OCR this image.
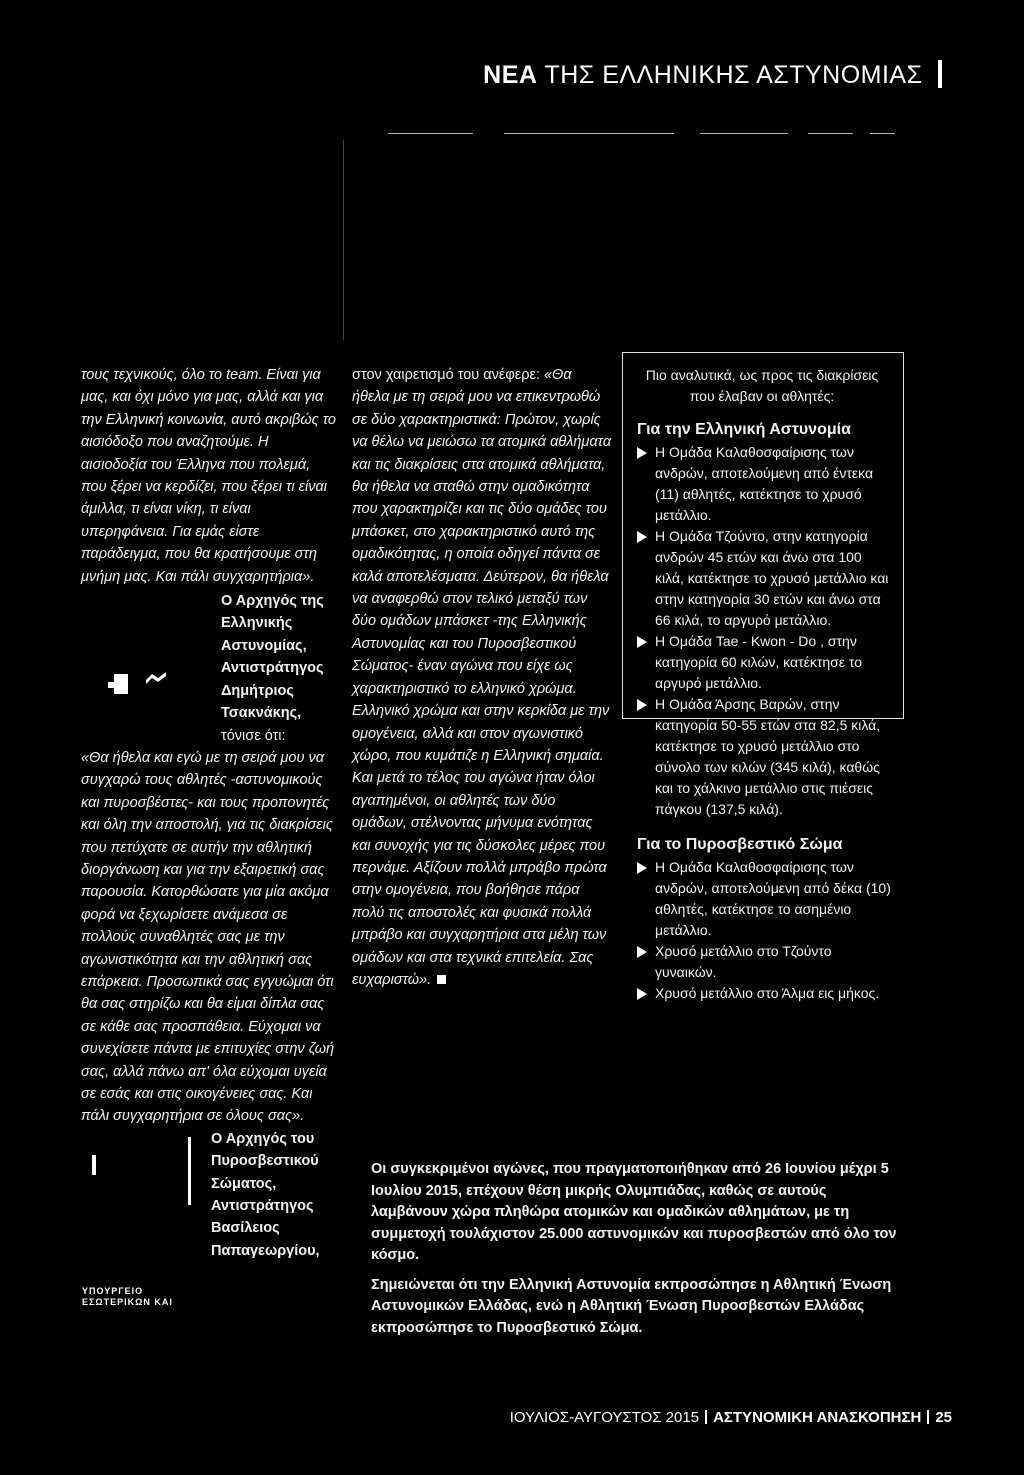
ΝΕΑ ΤΗΣ ΕΛΛΗΝΙΚΗΣ ΑΣΤΥΝΟΜΙΑΣ

τους τεχνικούς, όλο το team. Είναι για μας, και όχι μόνο για μας, αλλά και για την Ελληνική κοινωνία, αυτό ακριβώς το αισιόδοξο που αναζητούμε. Η αισιοδοξία του Έλληνα που πολεμά, που ξέρει να κερδίζει, που ξέρει τι είναι άμιλλα, τι είναι νίκη, τι είναι υπερηφάνεια. Για εμάς είστε παράδειγμα, που θα κρατήσουμε στη μνήμη μας. Και πάλι συγχαρητήρια».

Ο Αρχηγός της Ελληνικής Αστυνομίας, Αντιστράτηγος Δημήτριος Τσακνάκης, τόνισε ότι:

«Θα ήθελα και εγώ με τη σειρά μου να συγχαρώ τους αθλητές -αστυνομικούς και πυροσβέστες- και τους προπονητές και όλη την αποστολή, για τις διακρίσεις που πετύχατε σε αυτήν την αθλητική διοργάνωση και για την εξαιρετική σας παρουσία. Κατορθώσατε για μία ακόμα φορά να ξεχωρίσετε ανάμεσα σε πολλούς συναθλητές σας με την αγωνιστικότητα και την αθλητική σας επάρκεια. Προσωπικά σας εγγυώμαι ότι θα σας στηρίζω και θα είμαι δίπλα σας σε κάθε σας προσπάθεια. Εύχομαι να συνεχίσετε πάντα με επιτυχίες στην ζωή σας, αλλά πάνω απ' όλα εύχομαι υγεία σε εσάς και στις οικογένειες σας. Και πάλι συγχαρητήρια σε όλους σας».

Ο Αρχηγός του Πυροσβεστικού Σώματος, Αντιστράτηγος Βασίλειος Παπαγεωργίου,

ΥΠΟΥΡΓΕΙΟ
ΕΣΩΤΕΡΙΚΩΝ ΚΑΙ

στον χαιρετισμό του ανέφερε: «Θα ήθελα με τη σειρά μου να επικεντρωθώ σε δύο χαρακτηριστικά: Πρώτον, χωρίς να θέλω να μειώσω τα ατομικά αθλήματα και τις διακρίσεις στα ατομικά αθλήματα, θα ήθελα να σταθώ στην ομαδικότητα που χαρακτηρίζει και τις δύο ομάδες του μπάσκετ, στο χαρακτηριστικό αυτό της ομαδικότητας, η οποία οδηγεί πάντα σε καλά αποτελέσματα. Δεύτερον, θα ήθελα να αναφερθώ στον τελικό μεταξύ των δύο ομάδων μπάσκετ -της Ελληνικής Αστυνομίας και του Πυροσβεστικού Σώματος- έναν αγώνα που είχε ως χαρακτηριστικό το ελληνικό χρώμα. Ελληνικό χρώμα και στην κερκίδα με την ομογένεια, αλλά και στον αγωνιστικό χώρο, που κυμάτιζε η Ελληνική σημαία. Και μετά το τέλος του αγώνα ήταν όλοι αγαπημένοι, οι αθλητές των δύο ομάδων, στέλνοντας μήνυμα ενότητας και συνοχής για τις δύσκολες μέρες που περνάμε. Αξίζουν πολλά μπράβο πρώτα στην ομογένεια, που βοήθησε πάρα πολύ τις αποστολές και φυσικά πολλά μπράβο και συγχαρητήρια στα μέλη των ομάδων και στα τεχνικά επιτελεία. Σας ευχαριστώ».

Πιο αναλυτικά, ως προς τις διακρίσεις που έλαβαν οι αθλητές:
Για την Ελληνική Αστυνομία
Η Ομάδα Καλαθοσφαίρισης των ανδρών, αποτελούμενη από έντεκα (11) αθλητές, κατέκτησε το χρυσό μετάλλιο.
Η Ομάδα Τζούντο, στην κατηγορία ανδρών 45 ετών και άνω στα 100 κιλά, κατέκτησε το χρυσό μετάλλιο και στην κατηγορία 30 ετών και άνω στα 66 κιλά, το αργυρό μετάλλιο.
Η Ομάδα Tae - Kwon - Do , στην κατηγορία 60 κιλών, κατέκτησε το αργυρό μετάλλιο.
Η Ομάδα Άρσης Βαρών, στην κατηγορία 50-55 ετών στα 82,5 κιλά, κατέκτησε το χρυσό μετάλλιο στο σύνολο των κιλών (345 κιλά), καθώς και το χάλκινο μετάλλιο στις πιέσεις πάγκου (137,5 κιλά).
Για το Πυροσβεστικό Σώμα
Η Ομάδα Καλαθοσφαίρισης των ανδρών, αποτελούμενη από δέκα (10) αθλητές, κατέκτησε το ασημένιο μετάλλιο.
Χρυσό μετάλλιο στο Τζούντο γυναικών.
Χρυσό μετάλλιο στο Άλμα εις μήκος.

Οι συγκεκριμένοι αγώνες, που πραγματοποιήθηκαν από 26 Ιουνίου μέχρι 5 Ιουλίου 2015, επέχουν θέση μικρής Ολυμπιάδας, καθώς σε αυτούς λαμβάνουν χώρα πληθώρα ατομικών και ομαδικών αθλημάτων, με τη συμμετοχή τουλάχιστον 25.000 αστυνομικών και πυροσβεστών από όλο τον κόσμο.

Σημειώνεται ότι την Ελληνική Αστυνομία εκπροσώπησε η Αθλητική Ένωση Αστυνομικών Ελλάδας, ενώ η Αθλητική Ένωση Πυροσβεστών Ελλάδας εκπροσώπησε το Πυροσβεστικό Σώμα.

ΙΟΥΛΙΟΣ-ΑΥΓΟΥΣΤΟΣ 2015 ΑΣΤΥΝΟΜΙΚΗ ΑΝΑΣΚΟΠΗΣΗ 25
